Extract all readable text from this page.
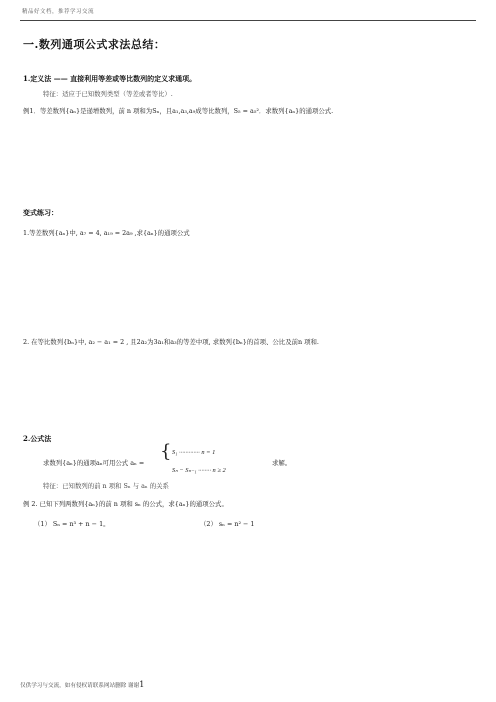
精品好文档，推荐学习交流
一.数列通项公式求法总结：
1.定义法 —— 直接利用等差或等比数列的定义求通项。
特征：适应于已知数列类型（等差或者等比）.
例1．等差数列{aₙ}是递增数列，前 n 项和为Sₙ，且a₁,a₃,a₉成等比数列，S₅ = a₅²．求数列{aₙ}的通项公式.
变式练习：
1.等差数列{aₙ}中, a₇ = 4, a₁₉ = 2a₉ ,求{aₙ}的通项公式
2. 在等比数列{bₙ}中, a₂ − a₁ = 2 , 且2a₂为3a₁和a₃的等差中项, 求数列{bₙ}的首项、公比及前n 项和.
2.公式法
求数列{aₙ}的通项aₙ可用公式 aₙ =
{ S₁ ············· n = 1
Sₙ − Sₙ₋₁ ········ n ≥ 2
求解。
特征：已知数列的前 n 项和 Sₙ 与 aₙ 的关系
例 2. 已知下列两数列{aₙ}的前 n 项和 sₙ 的公式，求{aₙ}的通项公式。
（1） Sₙ = n³ + n − 1。	（2） sₙ = n² − 1
仅供学习与交流，如有侵权请联系网站删除 谢谢1
